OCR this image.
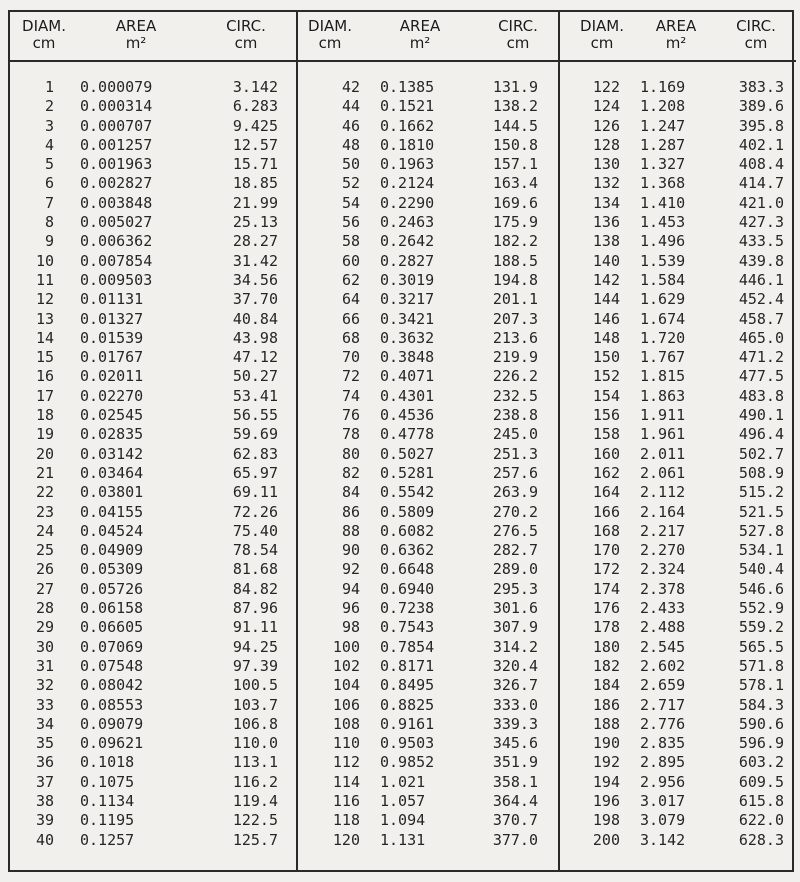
DIAM.
cm
AREA
m²
CIRC.
cm
1 0.000079	3.142
2 0.000314	6.283
3 0.000707	9.425
4 0.001257	12.57
5 0.001963	15.71
6 0.002827	18.85
7 0.003848	21.99
8 0.005027	25.13
9 0.006362	28.27
10 0.007854	31.42
11 0.009503	34.56
12 0.01131	37.70
13 0.01327	40.84
14 0.01539	43.98
15 0.01767	47.12
16 0.02011	50.27
17 0.02270	53.41
18 0.02545	56.55
19 0.02835	59.69
20 0.03142	62.83
21 0.03464	65.97
22 0.03801	69.11
23 0.04155	72.26
24 0.04524	75.40
25 0.04909	78.54
26 0.05309	81.68
27 0.05726	84.82
28 0.06158	87.96
29 0.06605	91.11
30 0.07069	94.25
31 0.07548	97.39
32 0.08042	100.5
33 0.08553	103.7
34 0.09079	106.8
35 0.09621	110.0
36 0.1018	113.1
37 0.1075	116.2
38 0.1134	119.4
39 0.1195	122.5
40 0.1257	125.7
DIAM.
cm
AREA
m²
CIRC.
cm
42 0.1385	131.9
44 0.1521	138.2
46 0.1662	144.5
48 0.1810	150.8
50 0.1963	157.1
52 0.2124	163.4
54 0.2290	169.6
56 0.2463	175.9
58 0.2642	182.2
60 0.2827	188.5
62 0.3019	194.8
64 0.3217	201.1
66 0.3421	207.3
68 0.3632	213.6
70 0.3848	219.9
72 0.4071	226.2
74 0.4301	232.5
76 0.4536	238.8
78 0.4778	245.0
80 0.5027	251.3
82 0.5281	257.6
84 0.5542	263.9
86 0.5809	270.2
88 0.6082	276.5
90 0.6362	282.7
92 0.6648	289.0
94 0.6940	295.3
96 0.7238	301.6
98 0.7543	307.9
100 0.7854	314.2
102 0.8171	320.4
104 0.8495	326.7
106 0.8825	333.0
108 0.9161	339.3
110 0.9503	345.6
112 0.9852	351.9
114 1.021	358.1
116 1.057	364.4
118 1.094	370.7
120 1.131	377.0
DIAM.
cm
AREA
m²
CIRC.
cm
122 1.169	383.3
124 1.208	389.6
126 1.247	395.8
128 1.287	402.1
130 1.327	408.4
132 1.368	414.7
134 1.410	421.0
136 1.453	427.3
138 1.496	433.5
140 1.539	439.8
142 1.584	446.1
144 1.629	452.4
146 1.674	458.7
148 1.720	465.0
150 1.767	471.2
152 1.815	477.5
154 1.863	483.8
156 1.911	490.1
158 1.961	496.4
160 2.011	502.7
162 2.061	508.9
164 2.112	515.2
166 2.164	521.5
168 2.217	527.8
170 2.270	534.1
172 2.324	540.4
174 2.378	546.6
176 2.433	552.9
178 2.488	559.2
180 2.545	565.5
182 2.602	571.8
184 2.659	578.1
186 2.717	584.3
188 2.776	590.6
190 2.835	596.9
192 2.895	603.2
194 2.956	609.5
196 3.017	615.8
198 3.079	622.0
200 3.142	628.3
